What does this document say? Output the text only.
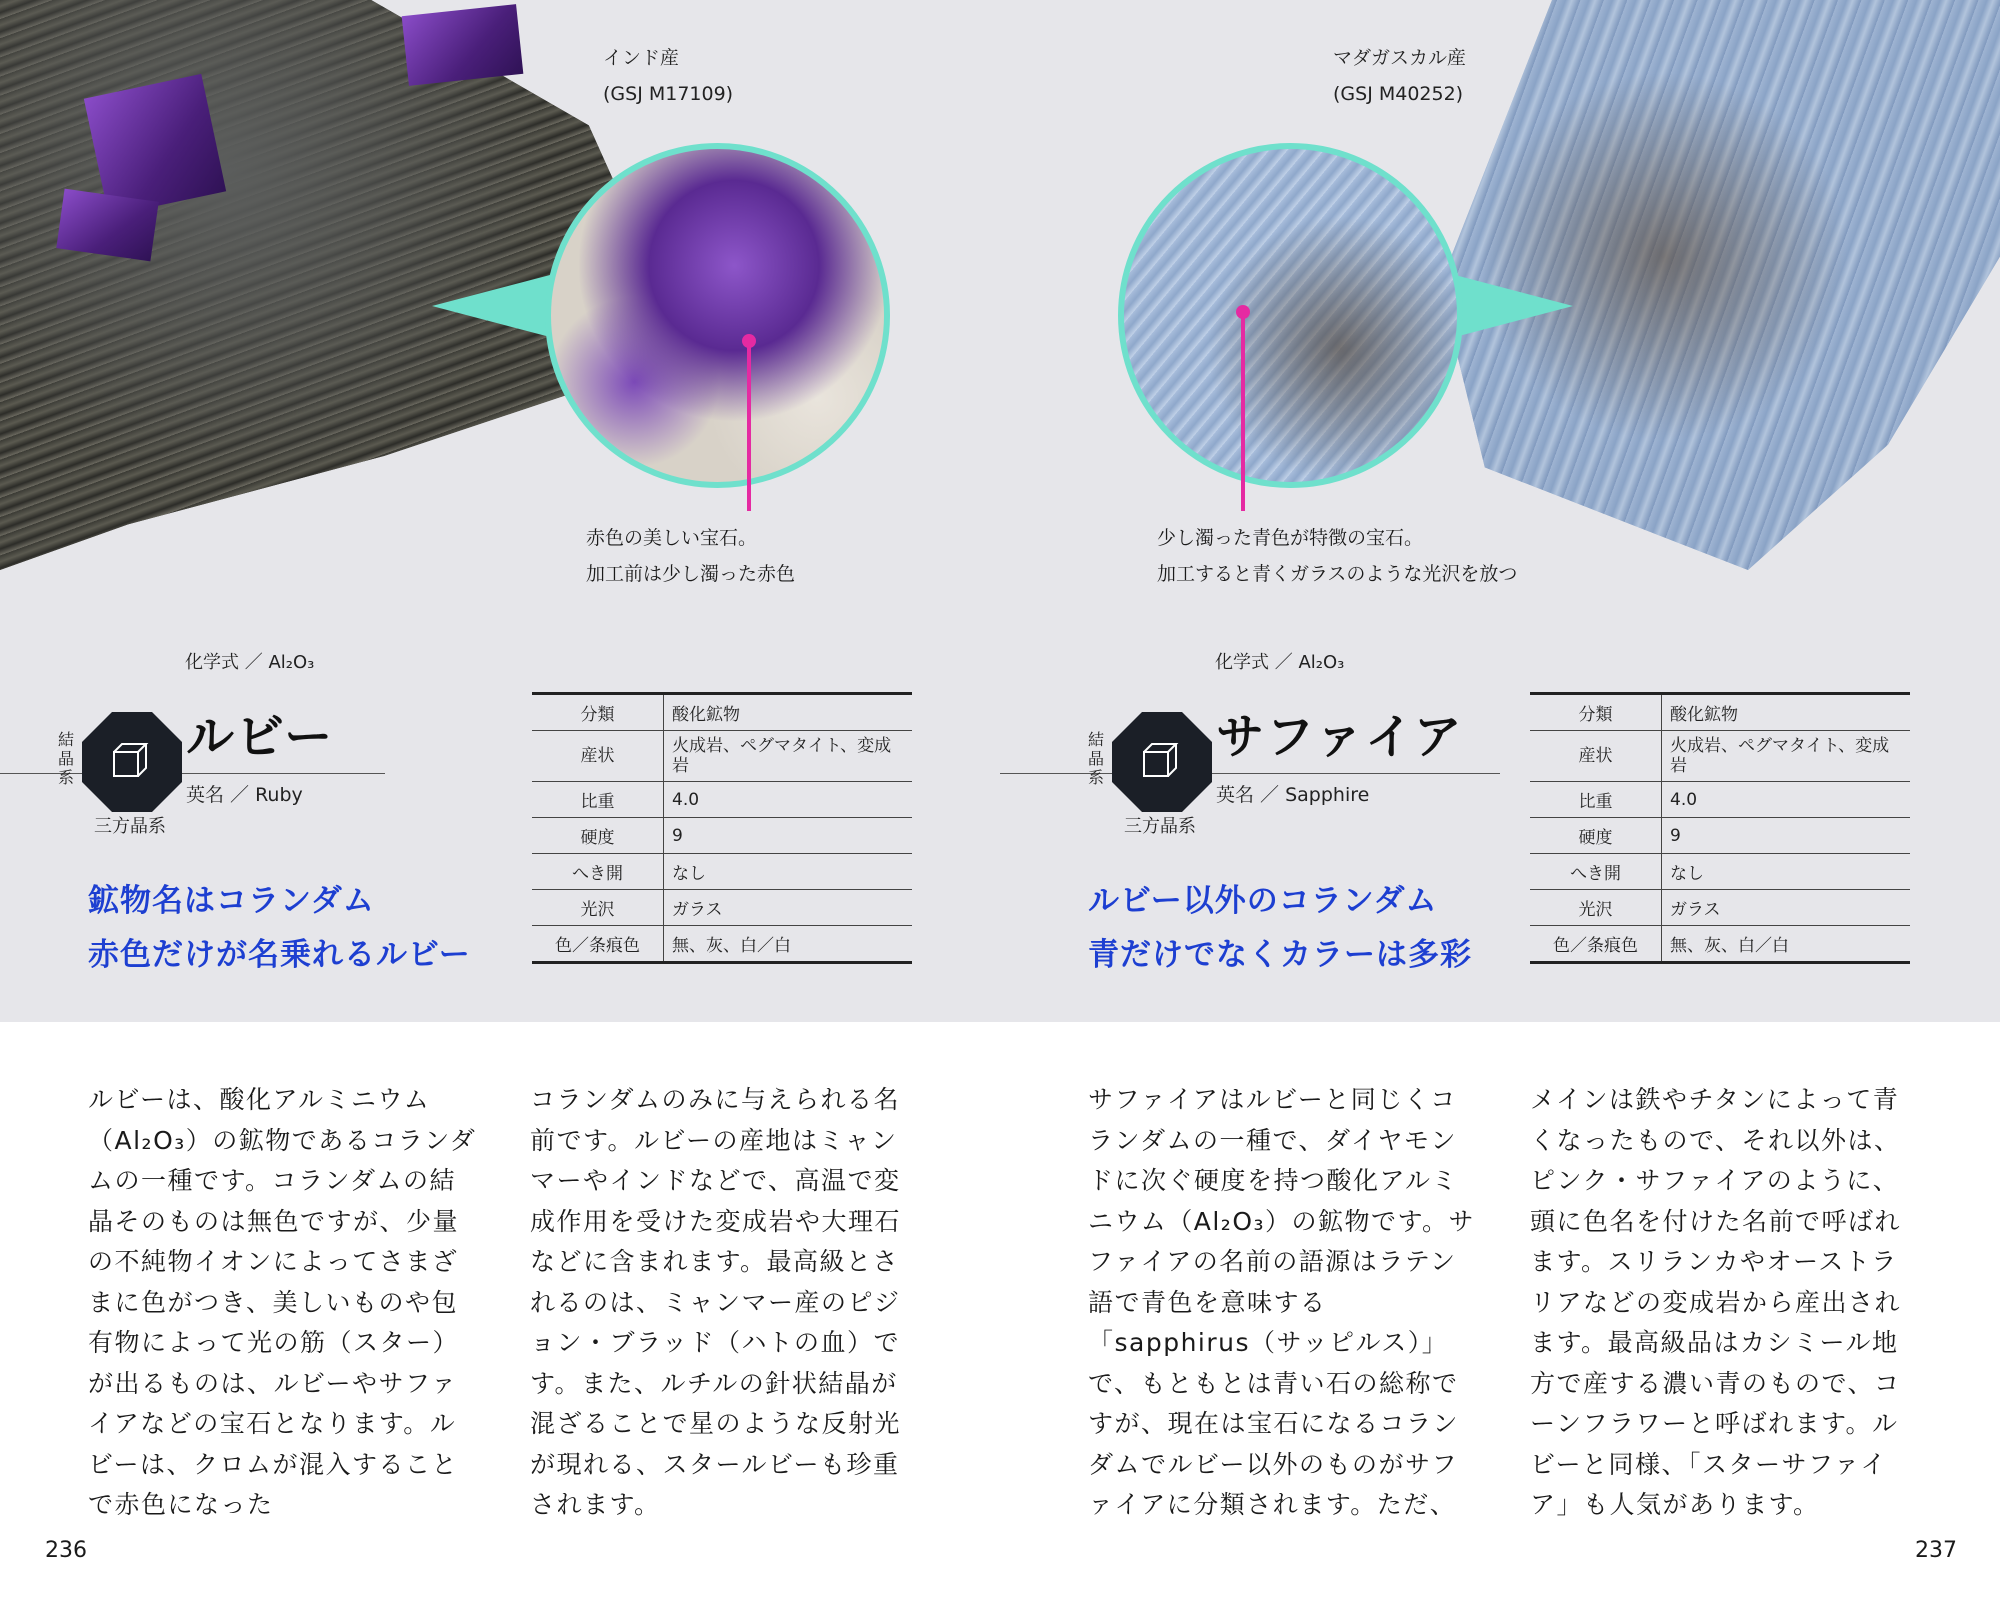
インド産
(GSJ M17109)
赤色の美しい宝石。
加工前は少し濁った赤色
化学式 ／ Al₂O₃
結晶系
ルビー
英名 ／ Ruby
三方晶系
鉱物名はコランダム
赤色だけが名乗れるルビー
分類	酸化鉱物
産状	火成岩、ペグマタイト、変成岩
比重	4.0
硬度	9
へき開	なし
光沢	ガラス
色／条痕色	無、灰、白／白
ルビーは、酸化アルミニウム（Al₂O₃）の鉱物であるコランダムの一種です。コランダムの結晶そのものは無色ですが、少量の不純物イオンによってさまざまに色がつき、美しいものや包有物によって光の筋（スター）が出るものは、ルビーやサファイアなどの宝石となります。ルビーは、クロムが混入することで赤色になった
コランダムのみに与えられる名前です。ルビーの産地はミャンマーやインドなどで、高温で変成作用を受けた変成岩や大理石などに含まれます。最高級とされるのは、ミャンマー産のピジョン・ブラッド（ハトの血）です。また、ルチルの針状結晶が混ざることで星のような反射光が現れる、スタールビーも珍重されます。
236
マダガスカル産
(GSJ M40252)
少し濁った青色が特徴の宝石。
加工すると青くガラスのような光沢を放つ
化学式 ／ Al₂O₃
結晶系
サファイア
英名 ／ Sapphire
三方晶系
ルビー以外のコランダム
青だけでなくカラーは多彩
分類	酸化鉱物
産状	火成岩、ペグマタイト、変成岩
比重	4.0
硬度	9
へき開	なし
光沢	ガラス
色／条痕色	無、灰、白／白
サファイアはルビーと同じくコランダムの一種で、ダイヤモンドに次ぐ硬度を持つ酸化アルミニウム（Al₂O₃）の鉱物です。サファイアの名前の語源はラテン語で青色を意味する「sapphirus（サッピルス）」で、もともとは青い石の総称ですが、現在は宝石になるコランダムでルビー以外のものがサファイアに分類されます。ただ、
メインは鉄やチタンによって青くなったもので、それ以外は、ピンク・サファイアのように、頭に色名を付けた名前で呼ばれます。スリランカやオーストラリアなどの変成岩から産出されます。最高級品はカシミール地方で産する濃い青のもので、コーンフラワーと呼ばれます。ルビーと同様、「スターサファイア」も人気があります。
237
